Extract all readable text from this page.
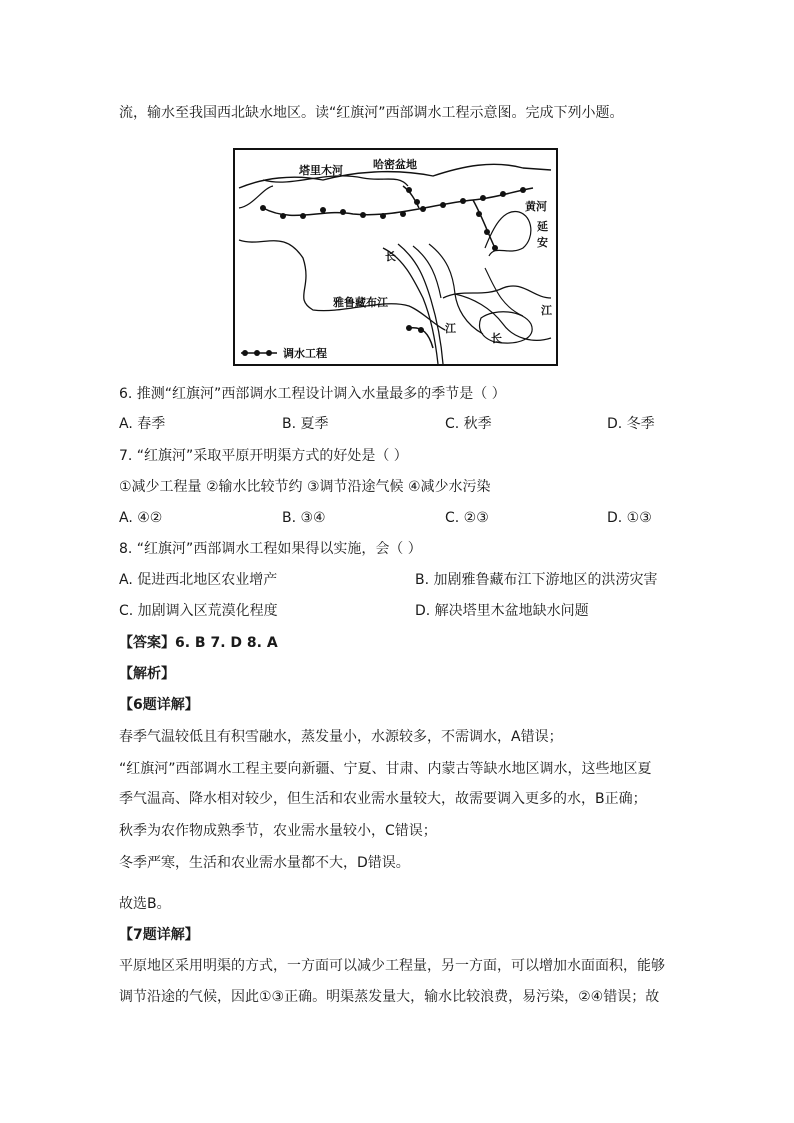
流，输水至我国西北缺水地区。读“红旗河”西部调水工程示意图。完成下列小题。
塔里木河	哈密盆地
黄河
延
安
长
雅鲁藏布江
江
江
长
调水工程
6. 推测“红旗河”西部调水工程设计调入水量最多的季节是（ ）
A. 春季	B. 夏季	C. 秋季	D. 冬季
7. “红旗河”采取平原开明渠方式的好处是（ ）
①减少工程量 ②输水比较节约 ③调节沿途气候 ④减少水污染
A. ④②	B. ③④	C. ②③	D. ①③
8. “红旗河”西部调水工程如果得以实施，会（ ）
A. 促进西北地区农业增产	B. 加剧雅鲁藏布江下游地区的洪涝灾害
C. 加剧调入区荒漠化程度	D. 解决塔里木盆地缺水问题
【答案】6. B 7. D 8. A
【解析】
【6题详解】
春季气温较低且有积雪融水，蒸发量小，水源较多，不需调水，A错误；
“红旗河”西部调水工程主要向新疆、宁夏、甘肃、内蒙古等缺水地区调水，这些地区夏
季气温高、降水相对较少，但生活和农业需水量较大，故需要调入更多的水，B正确；
秋季为农作物成熟季节，农业需水量较小，C错误；
冬季严寒，生活和农业需水量都不大，D错误。
故选B。
【7题详解】
平原地区采用明渠的方式，一方面可以减少工程量，另一方面，可以增加水面面积，能够
调节沿途的气候，因此①③正确。明渠蒸发量大，输水比较浪费，易污染，②④错误；故
